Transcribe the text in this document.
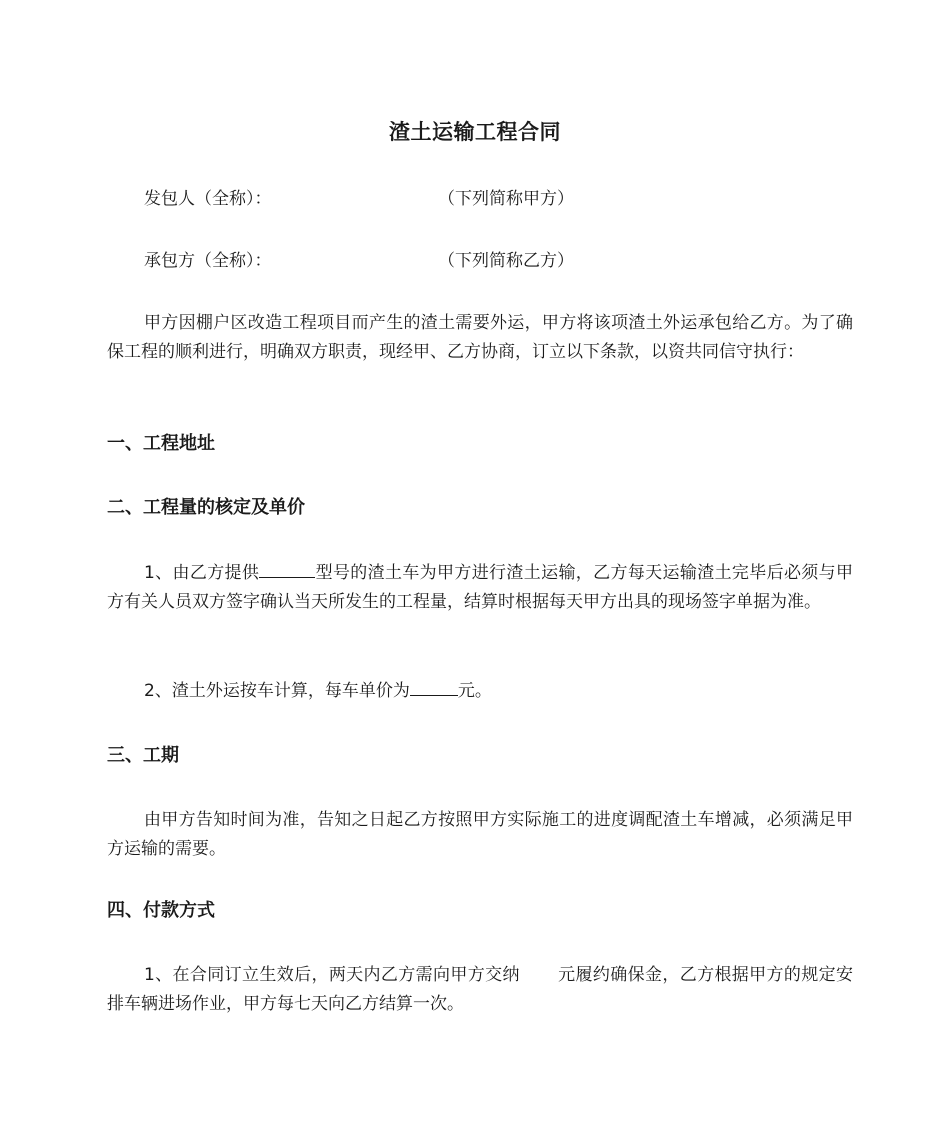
渣土运输工程合同
发包人（全称）：	（下列简称甲方）
承包方（全称）：	（下列简称乙方）
甲方因棚户区改造工程项目而产生的渣土需要外运，甲方将该项渣土外运承包给乙方。为了确保工程的顺利进行，明确双方职责，现经甲、乙方协商，订立以下条款，以资共同信守执行：
一、工程地址
二、工程量的核定及单价
1、由乙方提供	型号的渣土车为甲方进行渣土运输，乙方每天运输渣土完毕后必须与甲方有关人员双方签字确认当天所发生的工程量，结算时根据每天甲方出具的现场签字单据为准。
2、渣土外运按车计算，每车单价为	元。
三、工期
由甲方告知时间为准，告知之日起乙方按照甲方实际施工的进度调配渣土车增减，必须满足甲方运输的需要。
四、付款方式
1、在合同订立生效后，两天内乙方需向甲方交纳 元履约确保金，乙方根据甲方的规定安排车辆进场作业，甲方每七天向乙方结算一次。
